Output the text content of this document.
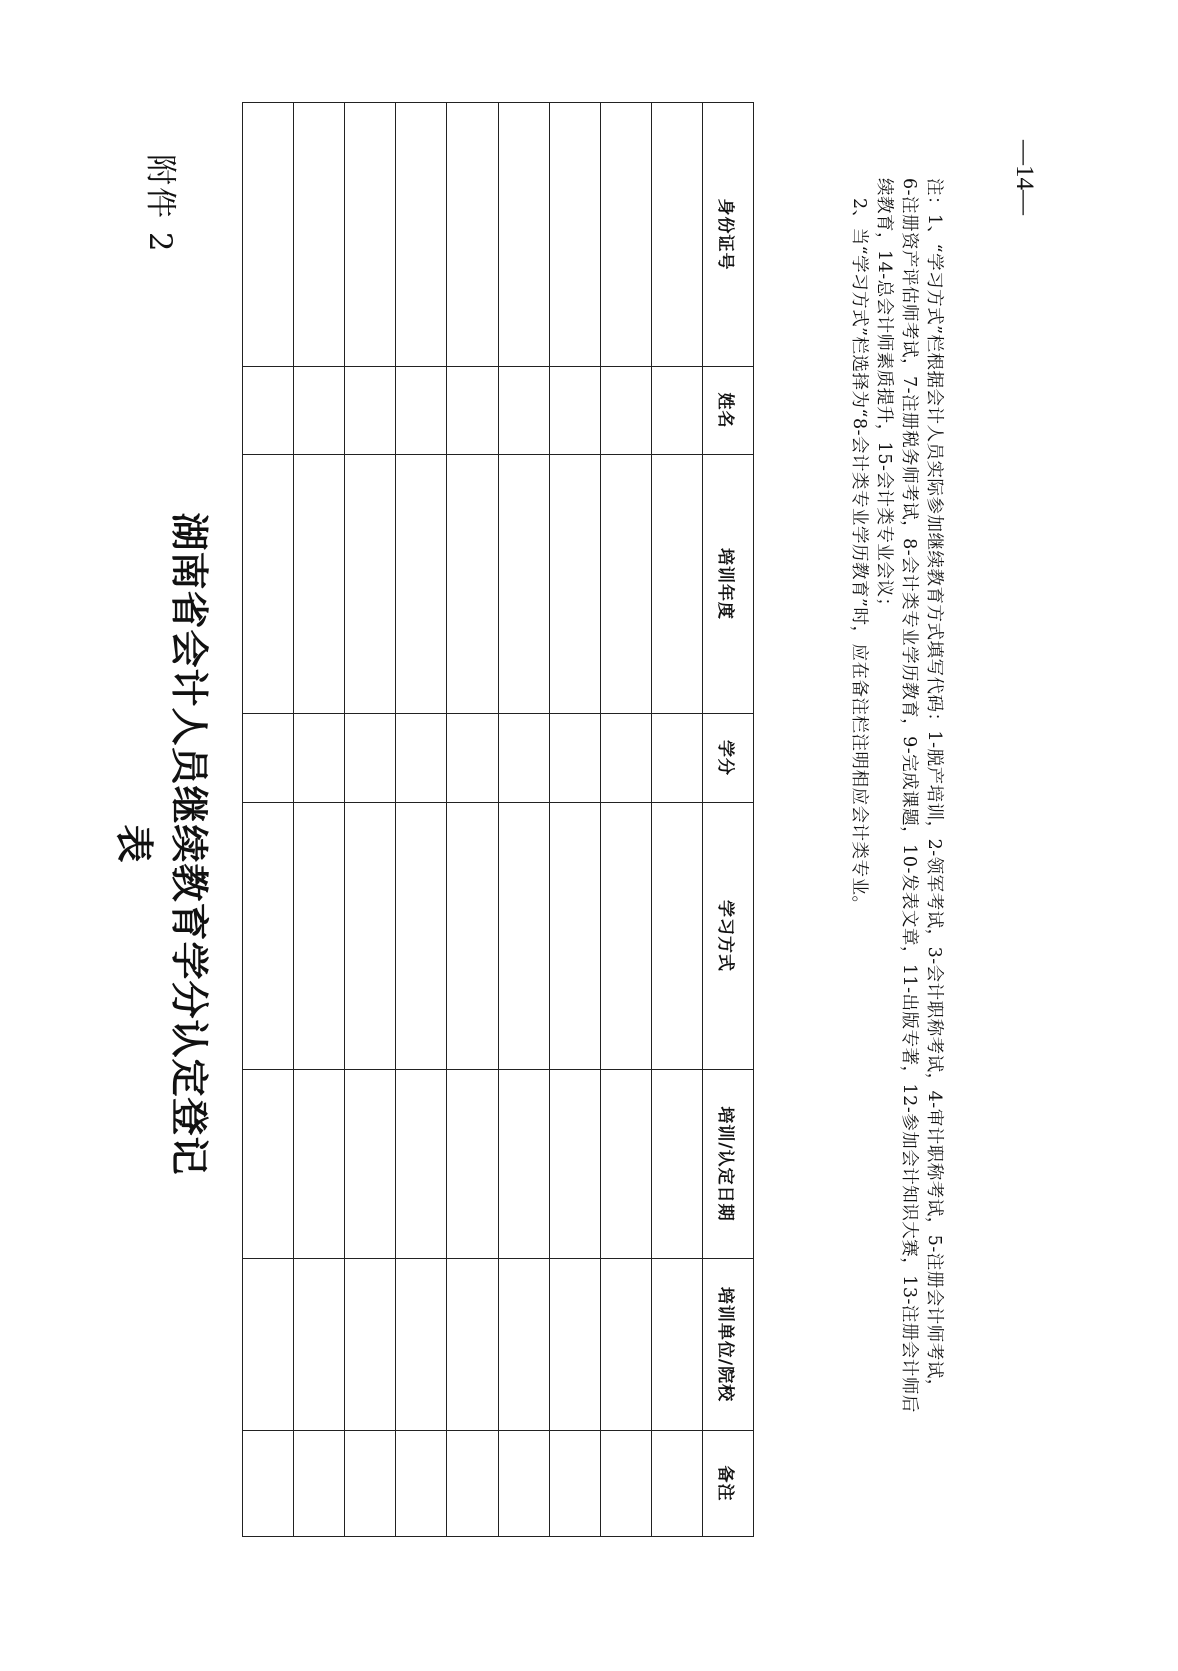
附件 2
湖南省会计人员继续教育学分认定登记表
身份证号	姓名	培训年度	学分	学习方式	培训/认定日期	培训单位/院校	备注

注：1、“学习方式”栏根据会计人员实际参加继续教育方式填写代码：1-脱产培训，2-领军考试，3-会计职称考试，4-审计职称考试，5-注册会计师考试，

6-注册资产评估师考试，7-注册税务师考试，8-会计类专业学历教育，9-完成课题，10-发表文章，11-出版专著，12-参加会计知识大赛，13-注册会计师后

续教育，14-总会计师素质提升，15-会计类专业会议；

2、当“学习方式”栏选择为“8-会计类专业学历教育”时，应在备注栏注明相应会计类专业。

—14—
